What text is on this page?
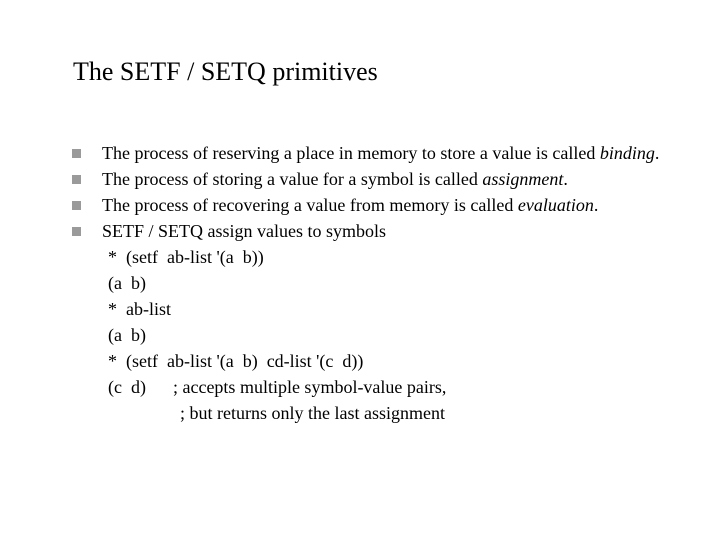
The SETF / SETQ primitives
The process of reserving a place in memory to store a value is called binding.
The process of storing a value for a symbol is called assignment.
The process of recovering a value from memory is called evaluation.
SETF / SETQ assign values to symbols
*  (setf  ab-list '(a  b))
(a  b)
*  ab-list
(a  b)
*  (setf  ab-list '(a  b)  cd-list '(c  d))
(c  d)      ; accepts multiple symbol-value pairs,
; but returns only the last assignment
